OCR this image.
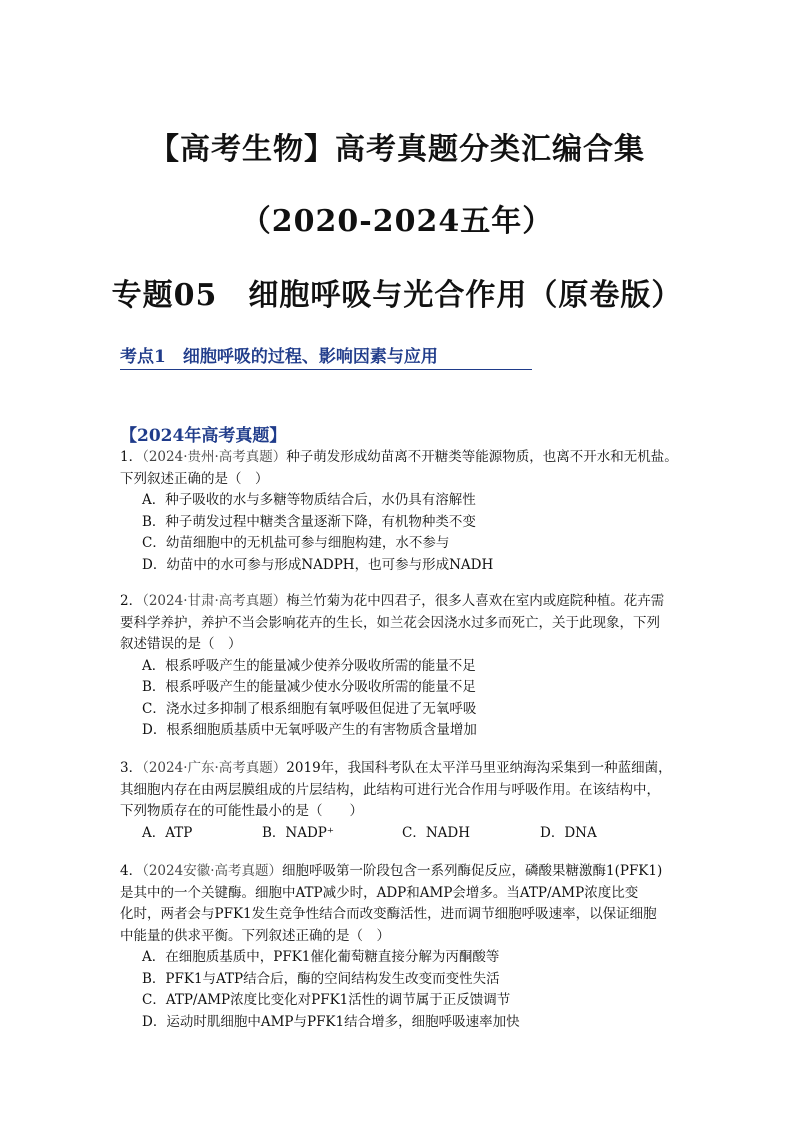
【高考生物】高考真题分类汇编合集
（2020-2024五年）
专题05　细胞呼吸与光合作用（原卷版）
考点1　细胞呼吸的过程、影响因素与应用
【2024年高考真题】

1．（2024·贵州·高考真题）种子萌发形成幼苗离不开糖类等能源物质，也离不开水和无机盐。

下列叙述正确的是（　）

A．种子吸收的水与多糖等物质结合后，水仍具有溶解性

B．种子萌发过程中糖类含量逐渐下降，有机物种类不变

C．幼苗细胞中的无机盐可参与细胞构建，水不参与

D．幼苗中的水可参与形成NADPH，也可参与形成NADH

2．（2024·甘肃·高考真题）梅兰竹菊为花中四君子，很多人喜欢在室内或庭院种植。花卉需

要科学养护，养护不当会影响花卉的生长，如兰花会因浇水过多而死亡，关于此现象，下列

叙述错误的是（　）

A．根系呼吸产生的能量减少使养分吸收所需的能量不足

B．根系呼吸产生的能量减少使水分吸收所需的能量不足

C．浇水过多抑制了根系细胞有氧呼吸但促进了无氧呼吸

D．根系细胞质基质中无氧呼吸产生的有害物质含量增加

3．（2024·广东·高考真题）2019年，我国科考队在太平洋马里亚纳海沟采集到一种蓝细菌，

其细胞内存在由两层膜组成的片层结构，此结构可进行光合作用与呼吸作用。在该结构中，

下列物质存在的可能性最小的是（　　）

A．ATP	B．NADP⁺	C．NADH	D．DNA

4．（2024安徽·高考真题）细胞呼吸第一阶段包含一系列酶促反应，磷酸果糖激酶1(PFK1)

是其中的一个关键酶。细胞中ATP减少时，ADP和AMP会增多。当ATP/AMP浓度比变

化时，两者会与PFK1发生竞争性结合而改变酶活性，进而调节细胞呼吸速率，以保证细胞

中能量的供求平衡。下列叙述正确的是（　）

A．在细胞质基质中，PFK1催化葡萄糖直接分解为丙酮酸等

B．PFK1与ATP结合后，酶的空间结构发生改变而变性失活

C．ATP/AMP浓度比变化对PFK1活性的调节属于正反馈调节

D．运动时肌细胞中AMP与PFK1结合增多，细胞呼吸速率加快
